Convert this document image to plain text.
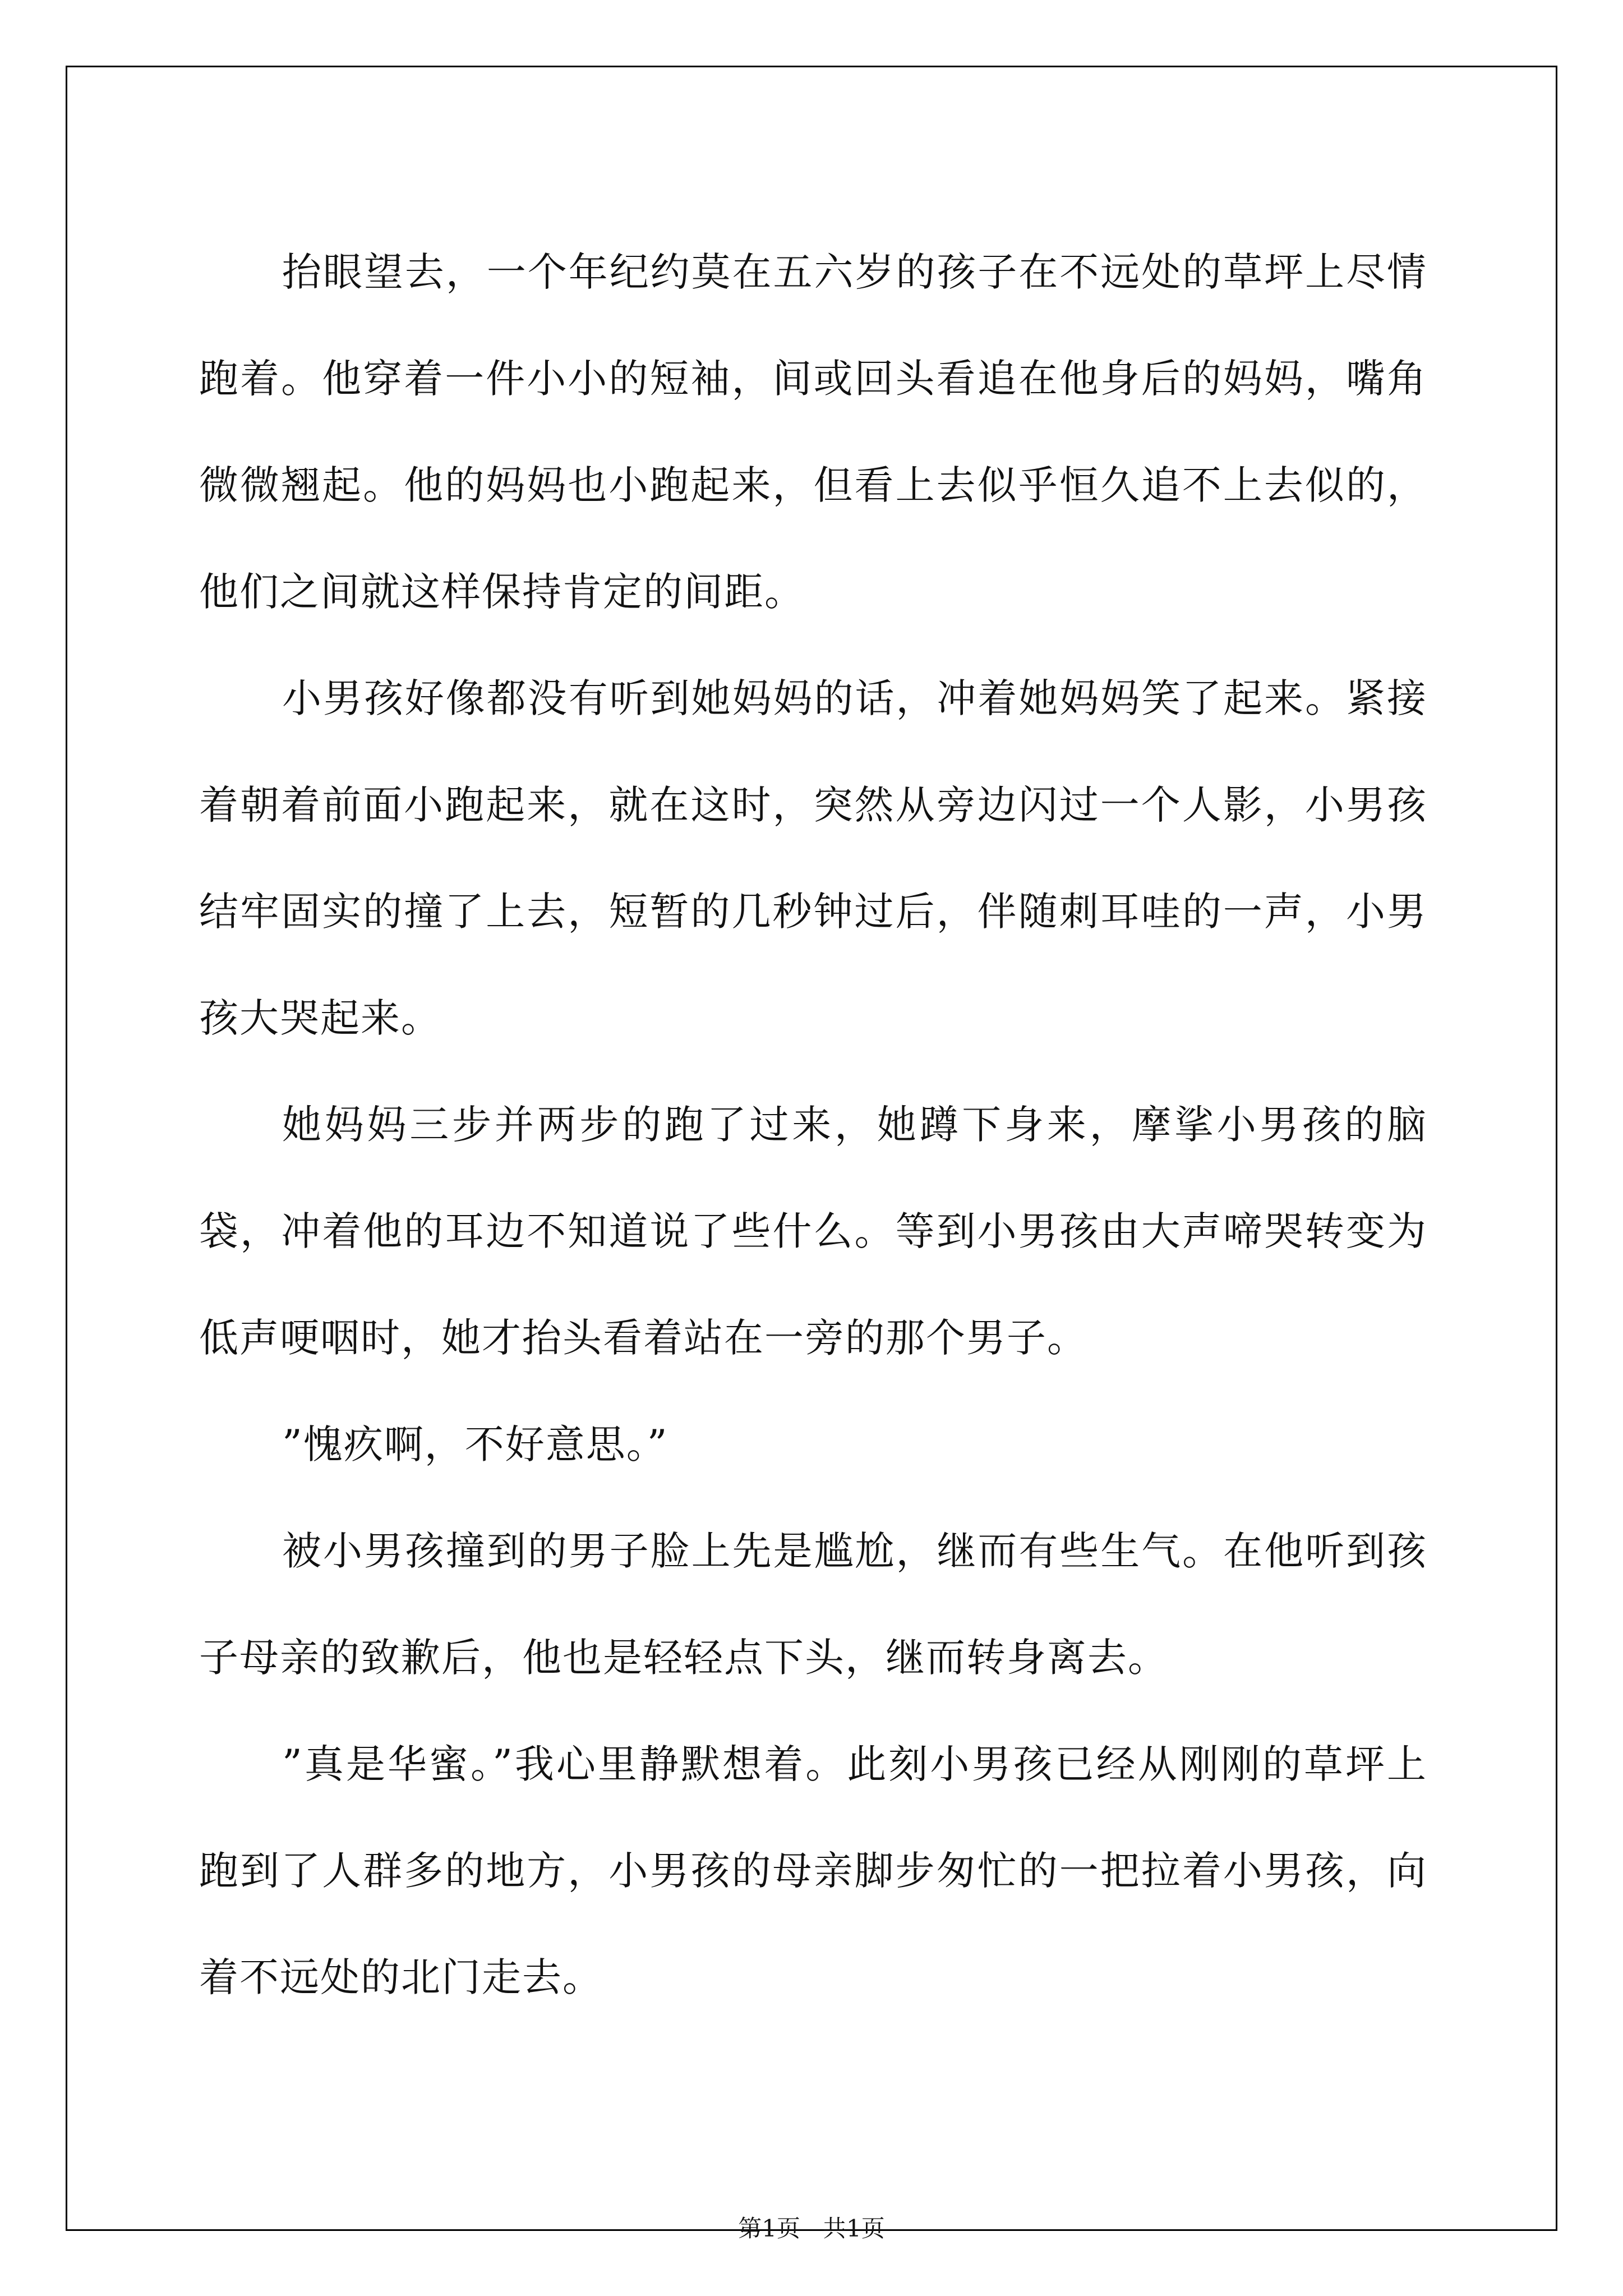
抬眼望去，一个年纪约莫在五六岁的孩子在不远处的草坪上尽情跑着。他穿着一件小小的短袖，间或回头看追在他身后的妈妈，嘴角微微翘起。他的妈妈也小跑起来，但看上去似乎恒久追不上去似的，他们之间就这样保持肯定的间距。

小男孩好像都没有听到她妈妈的话，冲着她妈妈笑了起来。紧接着朝着前面小跑起来，就在这时，突然从旁边闪过一个人影，小男孩结牢固实的撞了上去，短暂的几秒钟过后，伴随刺耳哇的一声，小男孩大哭起来。

她妈妈三步并两步的跑了过来，她蹲下身来，摩挲小男孩的脑袋，冲着他的耳边不知道说了些什么。等到小男孩由大声啼哭转变为低声哽咽时，她才抬头看着站在一旁的那个男子。

”愧疚啊，不好意思。”

被小男孩撞到的男子脸上先是尴尬，继而有些生气。在他听到孩子母亲的致歉后，他也是轻轻点下头，继而转身离去。

”真是华蜜。”我心里静默想着。此刻小男孩已经从刚刚的草坪上跑到了人群多的地方，小男孩的母亲脚步匆忙的一把拉着小男孩，向着不远处的北门走去。

第1页   共1页
